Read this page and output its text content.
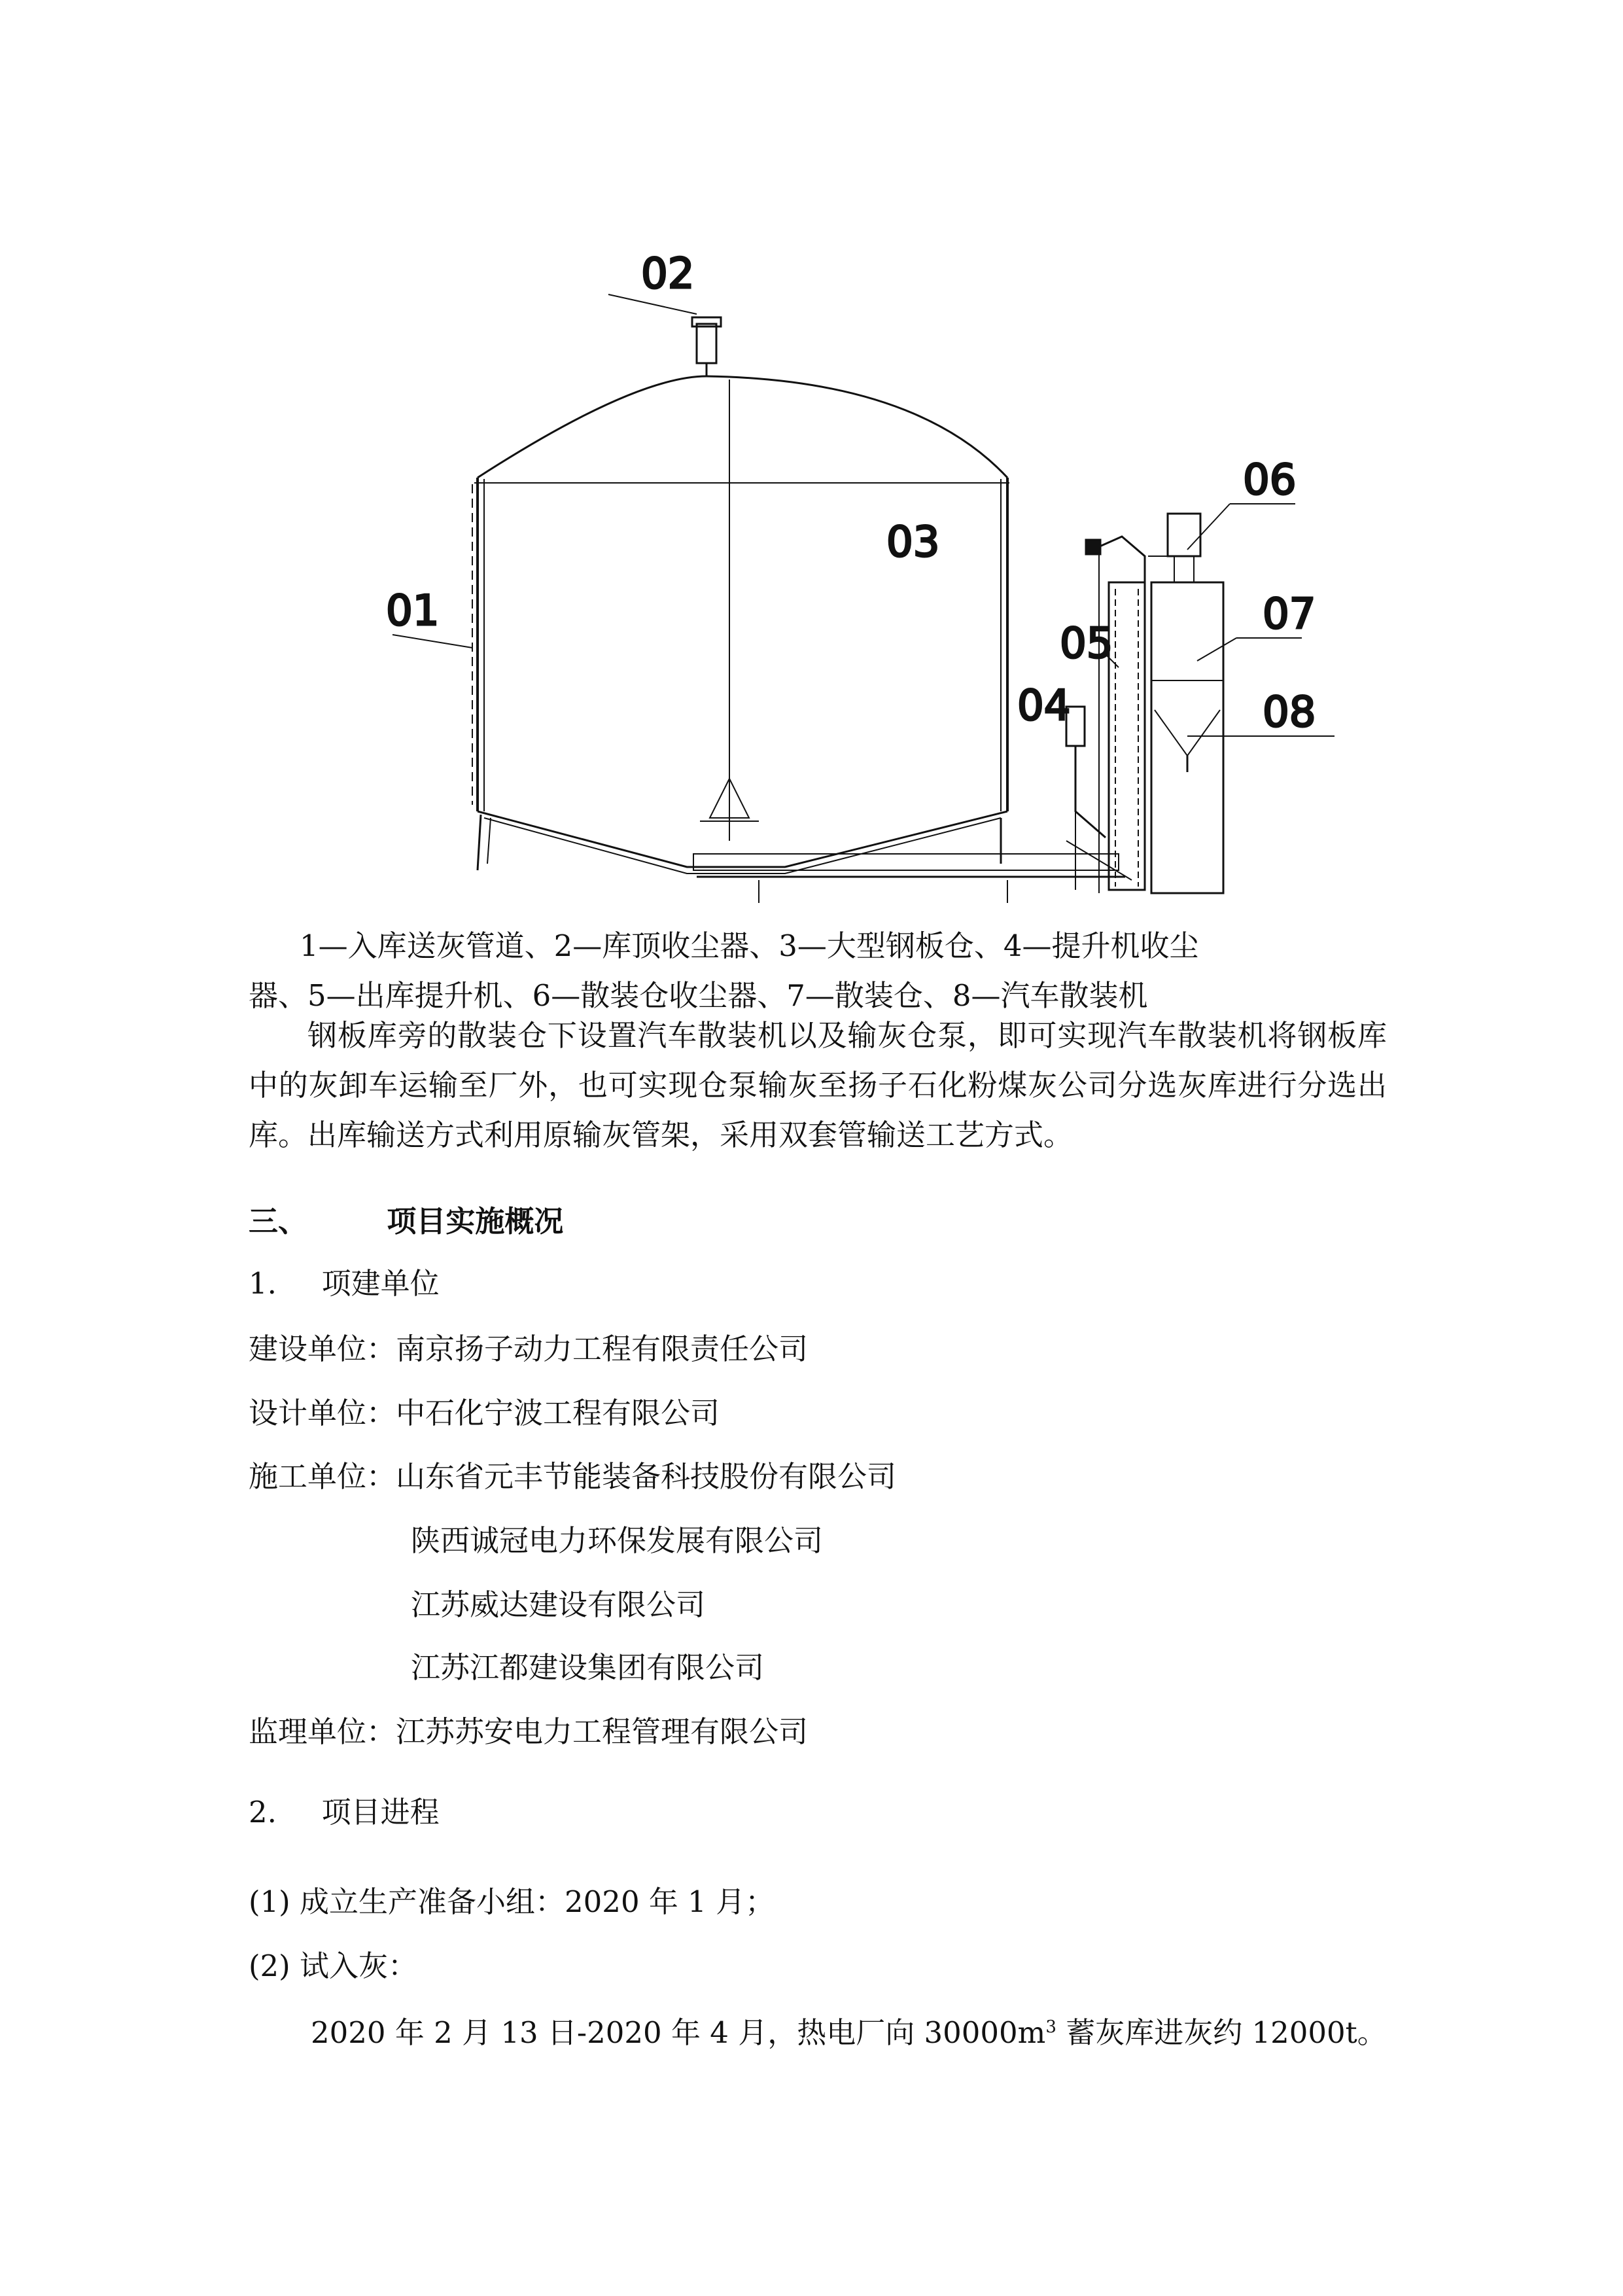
02
03
01
06
07
05
04	08
1—入库送灰管道、2—库顶收尘器、3—大型钢板仓、4—提升机收尘
器、5—出库提升机、6—散装仓收尘器、7—散装仓、8—汽车散装机
钢板库旁的散装仓下设置汽车散装机以及输灰仓泵，即可实现汽车散装机将钢板库中的灰卸车运输至厂外，也可实现仓泵输灰至扬子石化粉煤灰公司分选灰库进行分选出库。出库输送方式利用原输灰管架，采用双套管输送工艺方式。
三、	项目实施概况
1. 项建单位
建设单位：南京扬子动力工程有限责任公司
设计单位：中石化宁波工程有限公司
施工单位：山东省元丰节能装备科技股份有限公司
陕西诚冠电力环保发展有限公司
江苏威达建设有限公司
江苏江都建设集团有限公司
监理单位：江苏苏安电力工程管理有限公司
2. 项目进程
(1) 成立生产准备小组：2020 年 1 月；
(2) 试入灰：
2020 年 2 月 13 日-2020 年 4 月，热电厂向 $30000m^3$ 蓄灰库进灰约 12000t。
